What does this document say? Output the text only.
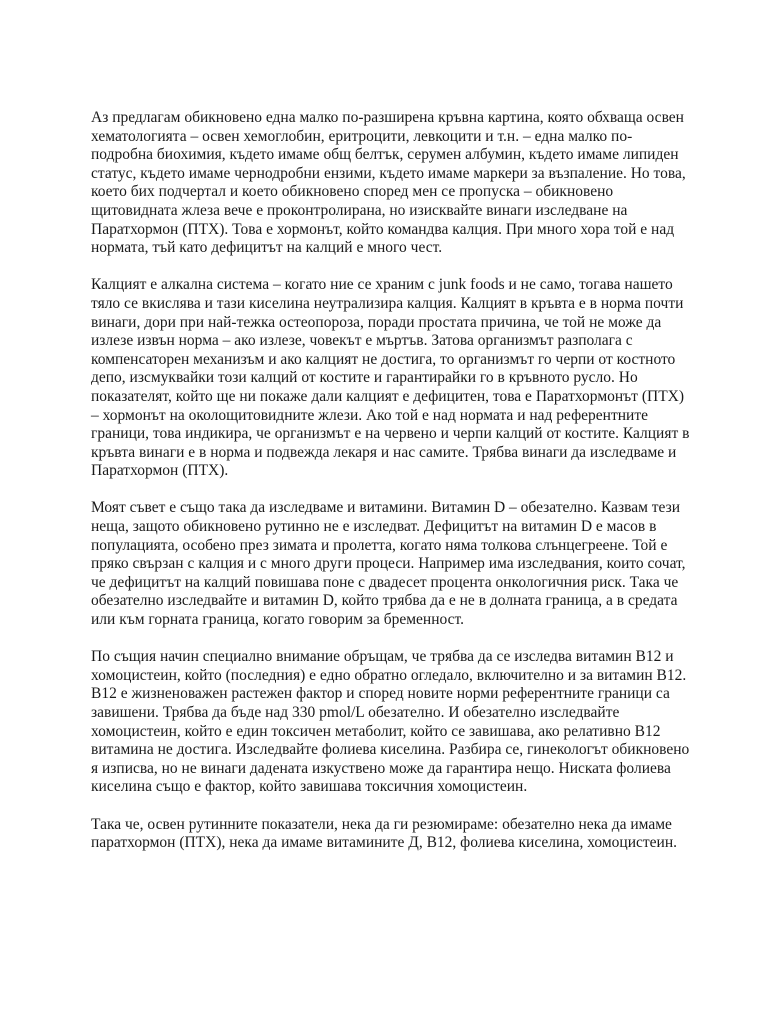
Аз предлагам обикновено една малко по-разширена кръвна картина, която обхваща освен хематологията – освен хемоглобин, еритроцити, левкоцити и т.н. – една малко по-подробна биохимия, където имаме общ белтък, серумен албумин, където имаме липиден статус, където имаме чернодробни ензими, където имаме маркери за възпаление. Но това, което бих подчертал и което обикновено според мен се пропуска – обикновено щитовидната жлеза вече е проконтролирана, но изисквайте винаги изследване на Паратхормон (ПТХ). Това е хормонът, който командва калция. При много хора той е над нормата, тъй като дефицитът на калций е много чест.

Калцият е алкална система – когато ние се храним с junk foods и не само, тогава нашето тяло се вкислява и тази киселина неутрализира калция. Калцият в кръвта е в норма почти винаги, дори при най-тежка остеопороза, поради простата причина, че той не може да излезе извън норма – ако излезе, човекът е мъртъв. Затова организмът разполага с компенсаторен механизъм и ако калцият не достига, то организмът го черпи от костното депо, изсмуквайки този калций от костите и гарантирайки го в кръвното русло. Но показателят, който ще ни покаже дали калцият е дефицитен, това е Паратхормонът (ПТХ) – хормонът на околощитовидните жлези. Ако той е над нормата и над референтните граници, това индикира, че организмът е на червено и черпи калций от костите. Калцият в кръвта винаги е в норма и подвежда лекаря и нас самите. Трябва винаги да изследваме и Паратхормон (ПТХ).

Моят съвет е също така да изследваме и витамини. Витамин D – обезателно. Казвам тези неща, защото обикновено рутинно не е изследват. Дефицитът на витамин D е масов в популацията, особено през зимата и пролетта, когато няма толкова слънцегреене. Той е пряко свързан с калция и с много други процеси. Например има изследвания, които сочат, че дефицитът на калций повишава поне с двадесет процента онкологичния риск. Така че обезателно изследвайте и витамин D, който трябва да е не в долната граница, а в средата или към горната граница, когато говорим за бременност.

По същия начин специално внимание обръщам, че трябва да се изследва витамин B12 и хомоцистеин, който (последния) е едно обратно огледало, включително и за витамин B12. B12 е жизненоважен растежен фактор и според новите норми референтните граници са завишени. Трябва да бъде над 330 pmol/L обезателно. И обезателно изследвайте хомоцистеин, който е един токсичен метаболит, който се завишава, ако релативно B12 витамина не достига. Изследвайте фолиева киселина. Разбира се, гинекологът обикновено я изписва, но не винаги дадената изкуствено може да гарантира нещо. Ниската фолиева киселина също е фактор, който завишава токсичния хомоцистеин.

Така че, освен рутинните показатели, нека да ги резюмираме: обезателно нека да имаме паратхормон (ПТХ), нека да имаме витамините Д, B12, фолиева киселина, хомоцистеин.
